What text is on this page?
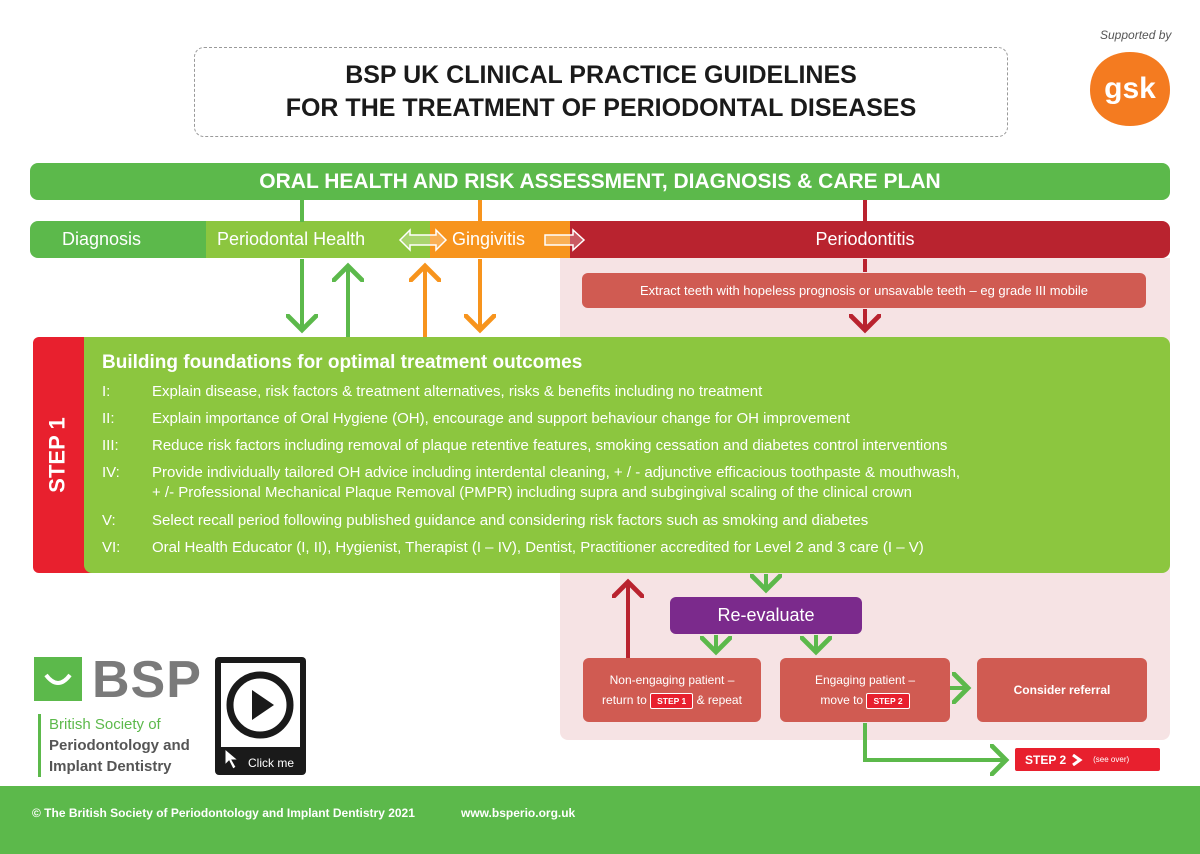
BSP UK CLINICAL PRACTICE GUIDELINES
FOR THE TREATMENT OF PERIODONTAL DISEASES
Supported by
gsk
ORAL HEALTH AND RISK ASSESSMENT, DIAGNOSIS & CARE PLAN
Diagnosis	Periodontal Health	Periodontitis
Gingivitis
Extract teeth with hopeless prognosis or unsavable teeth – eg grade III mobile
STEP 1
Building foundations for optimal treatment outcomes
I:	Explain disease, risk factors & treatment alternatives, risks & benefits including no treatment
II:	Explain importance of Oral Hygiene (OH), encourage and support behaviour change for OH improvement
III:	Reduce risk factors including removal of plaque retentive features, smoking cessation and diabetes control interventions
IV:	Provide individually tailored OH advice including interdental cleaning, + / - adjunctive efficacious toothpaste & mouthwash,
+ /- Professional Mechanical Plaque Removal (PMPR) including supra and subgingival scaling of the clinical crown
V:	Select recall period following published guidance and considering risk factors such as smoking and diabetes
VI:	Oral Health Educator (I, II), Hygienist, Therapist (I – IV), Dentist, Practitioner accredited for Level 2 and 3 care (I – V)
Re-evaluate
Non-engaging patient –
return to STEP 1 & repeat
Engaging patient –
move to STEP 2
Consider referral
STEP 2	(see over)
BSP
British Society of
Periodontology and
Implant Dentistry	Click me
© The British Society of Periodontology and Implant Dentistry 2021	www.bsperio.org.uk
